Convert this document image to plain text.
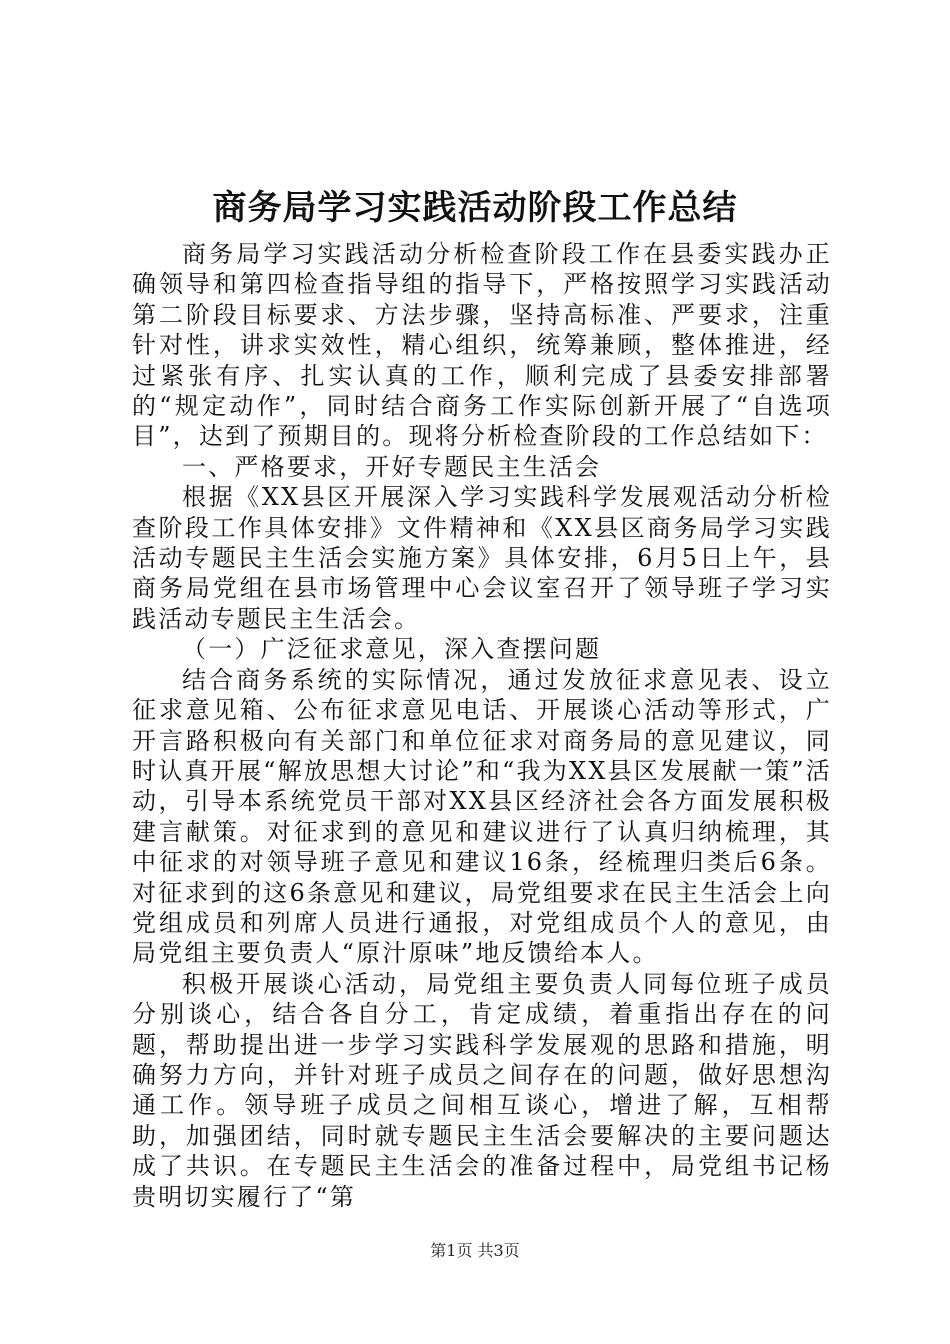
商务局学习实践活动阶段工作总结

商务局学习实践活动分析检查阶段工作在县委实践办正确领导和第四检查指导组的指导下，严格按照学习实践活动第二阶段目标要求、方法步骤，坚持高标准、严要求，注重针对性，讲求实效性，精心组织，统筹兼顾，整体推进，经过紧张有序、扎实认真的工作，顺利完成了县委安排部署的“规定动作”，同时结合商务工作实际创新开展了“自选项目”，达到了预期目的。现将分析检查阶段的工作总结如下：

一、严格要求，开好专题民主生活会

根据《XX县区开展深入学习实践科学发展观活动分析检查阶段工作具体安排》文件精神和《XX县区商务局学习实践活动专题民主生活会实施方案》具体安排，6月5日上午，县商务局党组在县市场管理中心会议室召开了领导班子学习实践活动专题民主生活会。

（一）广泛征求意见，深入查摆问题

结合商务系统的实际情况，通过发放征求意见表、设立征求意见箱、公布征求意见电话、开展谈心活动等形式，广开言路积极向有关部门和单位征求对商务局的意见建议，同时认真开展“解放思想大讨论”和“我为XX县区发展献一策”活动，引导本系统党员干部对XX县区经济社会各方面发展积极建言献策。对征求到的意见和建议进行了认真归纳梳理，其中征求的对领导班子意见和建议16条，经梳理归类后6条。对征求到的这6条意见和建议，局党组要求在民主生活会上向党组成员和列席人员进行通报，对党组成员个人的意见，由局党组主要负责人“原汁原味”地反馈给本人。

积极开展谈心活动，局党组主要负责人同每位班子成员分别谈心，结合各自分工，肯定成绩，着重指出存在的问题，帮助提出进一步学习实践科学发展观的思路和措施，明确努力方向，并针对班子成员之间存在的问题，做好思想沟通工作。领导班子成员之间相互谈心，增进了解，互相帮助，加强团结，同时就专题民主生活会要解决的主要问题达成了共识。在专题民主生活会的准备过程中，局党组书记杨贵明切实履行了“第

第1页 共3页
